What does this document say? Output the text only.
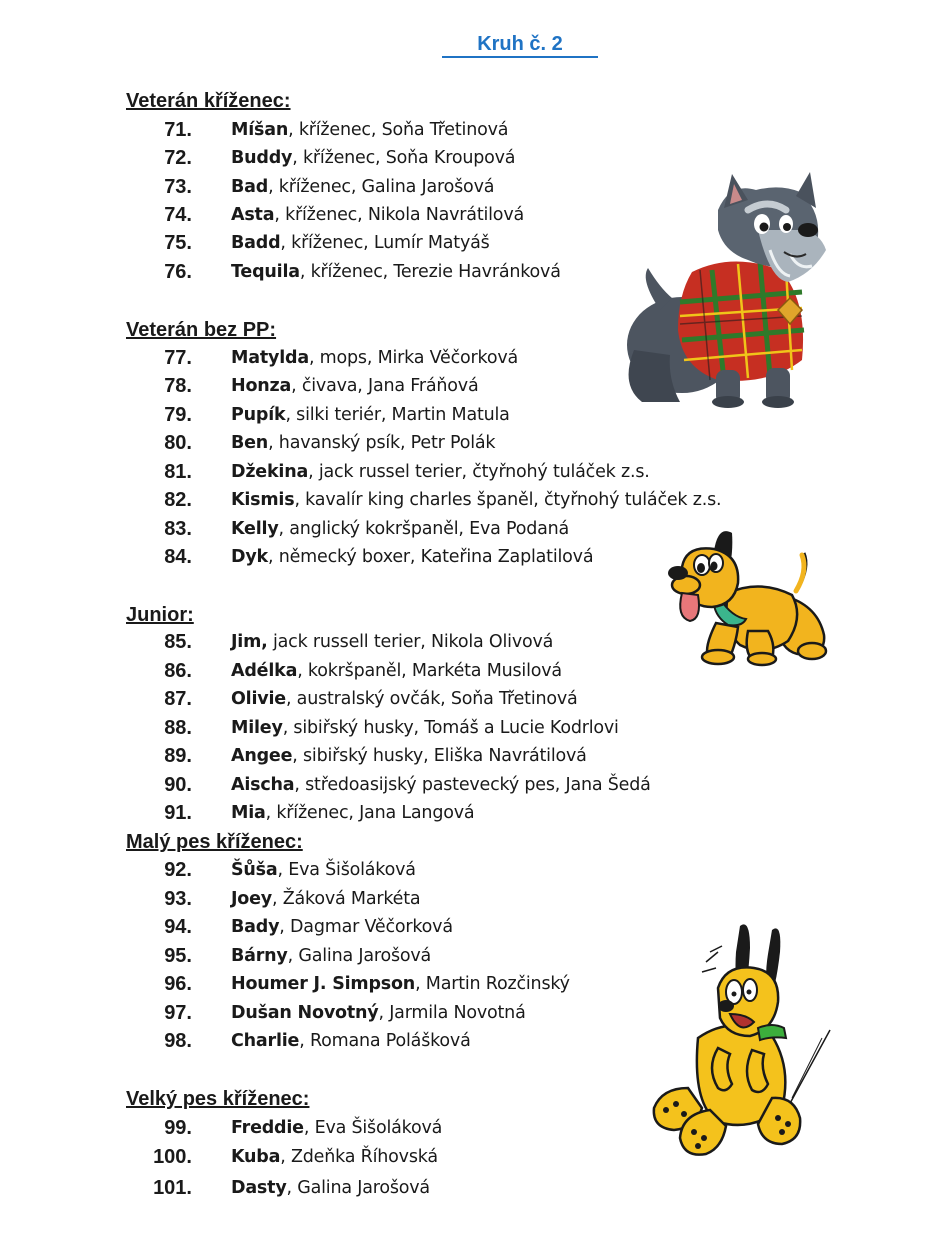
Kruh č. 2
Veterán kříženec:
71. Míšan, kříženec, Soňa Třetinová
72. Buddy, kříženec, Soňa Kroupová
73. Bad, kříženec, Galina Jarošová
74. Asta, kříženec, Nikola Navrátilová
75. Badd, kříženec, Lumír Matyáš
76. Tequila, kříženec, Terezie Havránková
Veterán bez PP:
77. Matylda, mops, Mirka Věčorková
78. Honza, čivava, Jana Fráňová
79. Pupík, silki teriér, Martin Matula
80. Ben, havanský psík, Petr Polák
81. Džekina, jack russel terier, čtyřnohý tuláček z.s.
82. Kismis, kavalír king charles španěl, čtyřnohý tuláček z.s.
83. Kelly, anglický kokršpaněl, Eva Podaná
84. Dyk, německý boxer, Kateřina Zaplatilová
Junior:
85. Jim, jack russell terier, Nikola Olivová
86. Adélka, kokršpaněl, Markéta Musilová
87. Olivie, australský ovčák, Soňa Třetinová
88. Miley, sibiřský husky, Tomáš a Lucie Kodrlovi
89. Angee, sibiřský husky, Eliška Navrátilová
90. Aischa, středoasijský pastevecký pes, Jana Šedá
91. Mia, kříženec, Jana Langová
Malý pes kříženec:
92. Šůša, Eva Šišoláková
93. Joey, Žáková Markéta
94. Bady, Dagmar Věčorková
95. Bárny, Galina Jarošová
96. Houmer J. Simpson, Martin Rozčinský
97. Dušan Novotný, Jarmila Novotná
98. Charlie, Romana Polášková
Velký pes kříženec:
99. Freddie, Eva Šišoláková
100. Kuba, Zdeňka Říhovská
101. Dasty, Galina Jarošová
